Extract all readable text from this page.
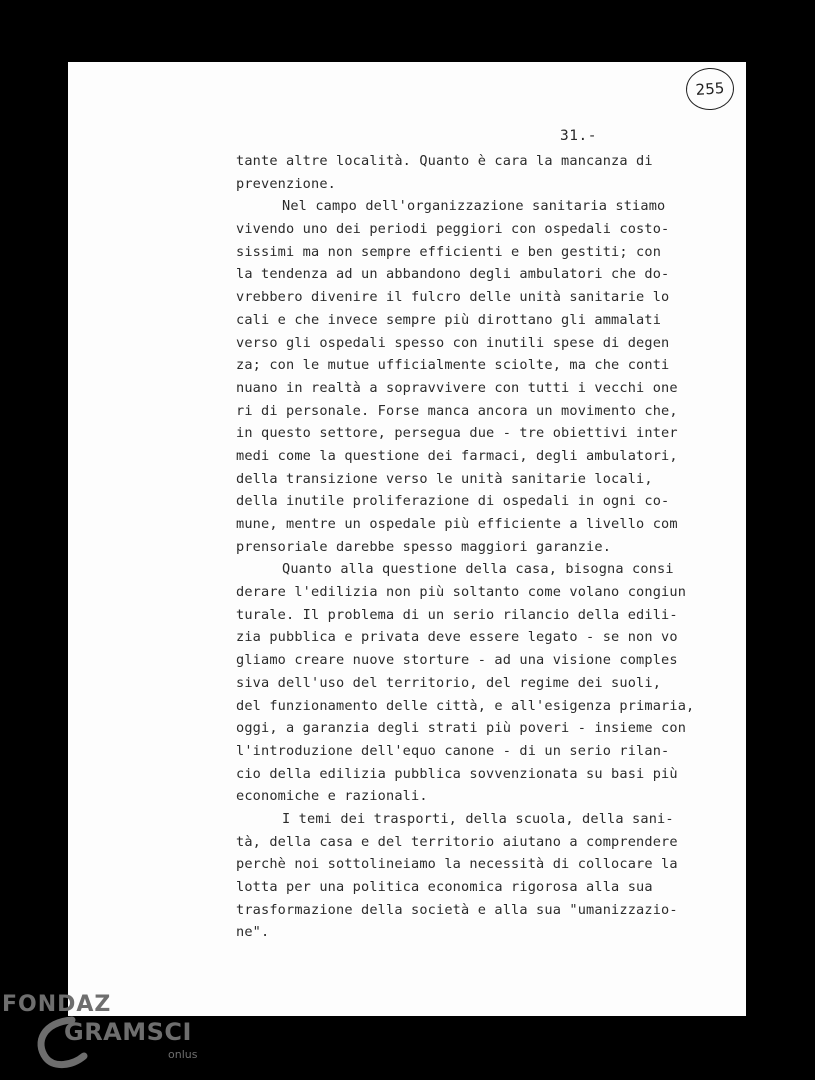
255
31.-
tante altre località. Quanto è cara la mancanza di
prevenzione.
Nel campo dell'organizzazione sanitaria stiamo
vivendo uno dei periodi peggiori con ospedali costo-
sissimi ma non sempre efficienti e ben gestiti; con
la tendenza ad un abbandono degli ambulatori che do-
vrebbero divenire il fulcro delle unità sanitarie lo
cali e che invece sempre più dirottano gli ammalati
verso gli ospedali spesso con inutili spese di degen
za; con le mutue ufficialmente sciolte, ma che conti
nuano in realtà a sopravvivere con tutti i vecchi one
ri di personale. Forse manca ancora un movimento che,
in questo settore, persegua due - tre obiettivi inter
medi come la questione dei farmaci, degli ambulatori,
della transizione verso le unità sanitarie locali,
della inutile proliferazione di ospedali in ogni co-
mune, mentre un ospedale più efficiente a livello com
prensoriale darebbe spesso maggiori garanzie.
Quanto alla questione della casa, bisogna consi
derare l'edilizia non più soltanto come volano congiun
turale. Il problema di un serio rilancio della edili-
zia pubblica e privata deve essere legato - se non vo
gliamo creare nuove storture - ad una visione comples
siva dell'uso del territorio, del regime dei suoli,
del funzionamento delle città, e all'esigenza primaria,
oggi, a garanzia degli strati più poveri - insieme con
l'introduzione dell'equo canone - di un serio rilan-
cio della edilizia pubblica sovvenzionata su basi più
economiche e razionali.
I temi dei trasporti, della scuola, della sani-
tà, della casa e del territorio aiutano a comprendere
perchè noi sottolineiamo la necessità di collocare la
lotta per una politica economica rigorosa alla sua
trasformazione della società e alla sua "umanizzazio-
ne".
FONDAZ
GRAMSCI
onlus
